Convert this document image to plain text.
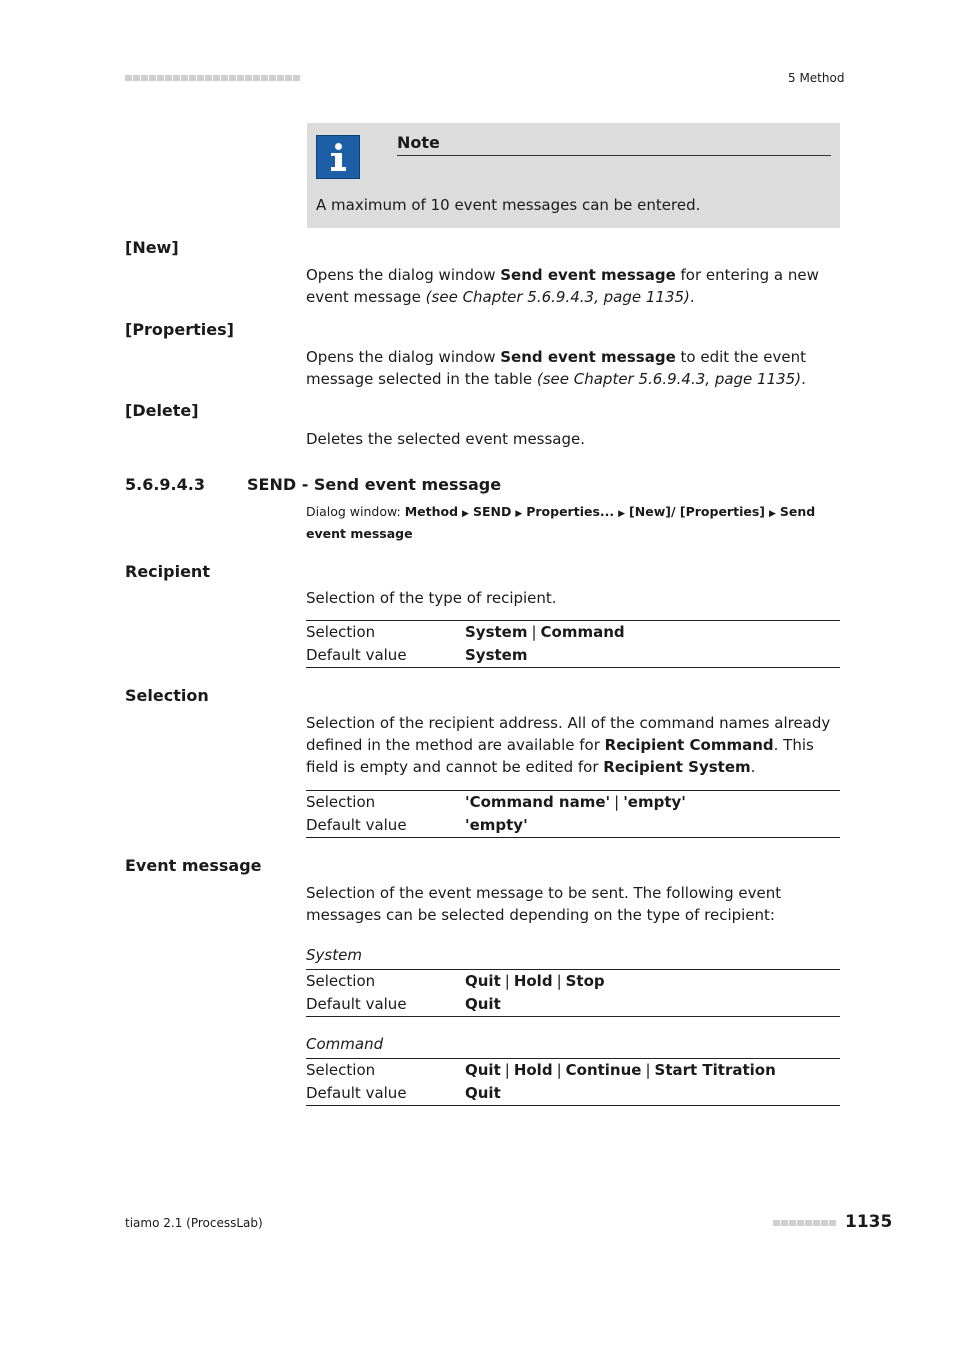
5 Method
Note
A maximum of 10 event messages can be entered.
[New]
Opens the dialog window Send event message for entering a new event message (see Chapter 5.6.9.4.3, page 1135).
[Properties]
Opens the dialog window Send event message to edit the event message selected in the table (see Chapter 5.6.9.4.3, page 1135).
[Delete]
Deletes the selected event message.
5.6.9.4.3	SEND - Send event message
Dialog window: Method ▶ SEND ▶ Properties... ▶ [New]/ [Properties] ▶ Send event message
Recipient
Selection of the type of recipient.
Selection	System | Command
Default value	System
Selection
Selection of the recipient address. All of the command names already defined in the method are available for Recipient Command. This field is empty and cannot be edited for Recipient System.
Selection	'Command name' | 'empty'
Default value	'empty'
Event message
Selection of the event message to be sent. The following event messages can be selected depending on the type of recipient:
System
Selection	Quit | Hold | Stop
Default value	Quit
Command
Selection	Quit | Hold | Continue | Start Titration
Default value	Quit
tiamo 2.1 (ProcessLab)	1135
